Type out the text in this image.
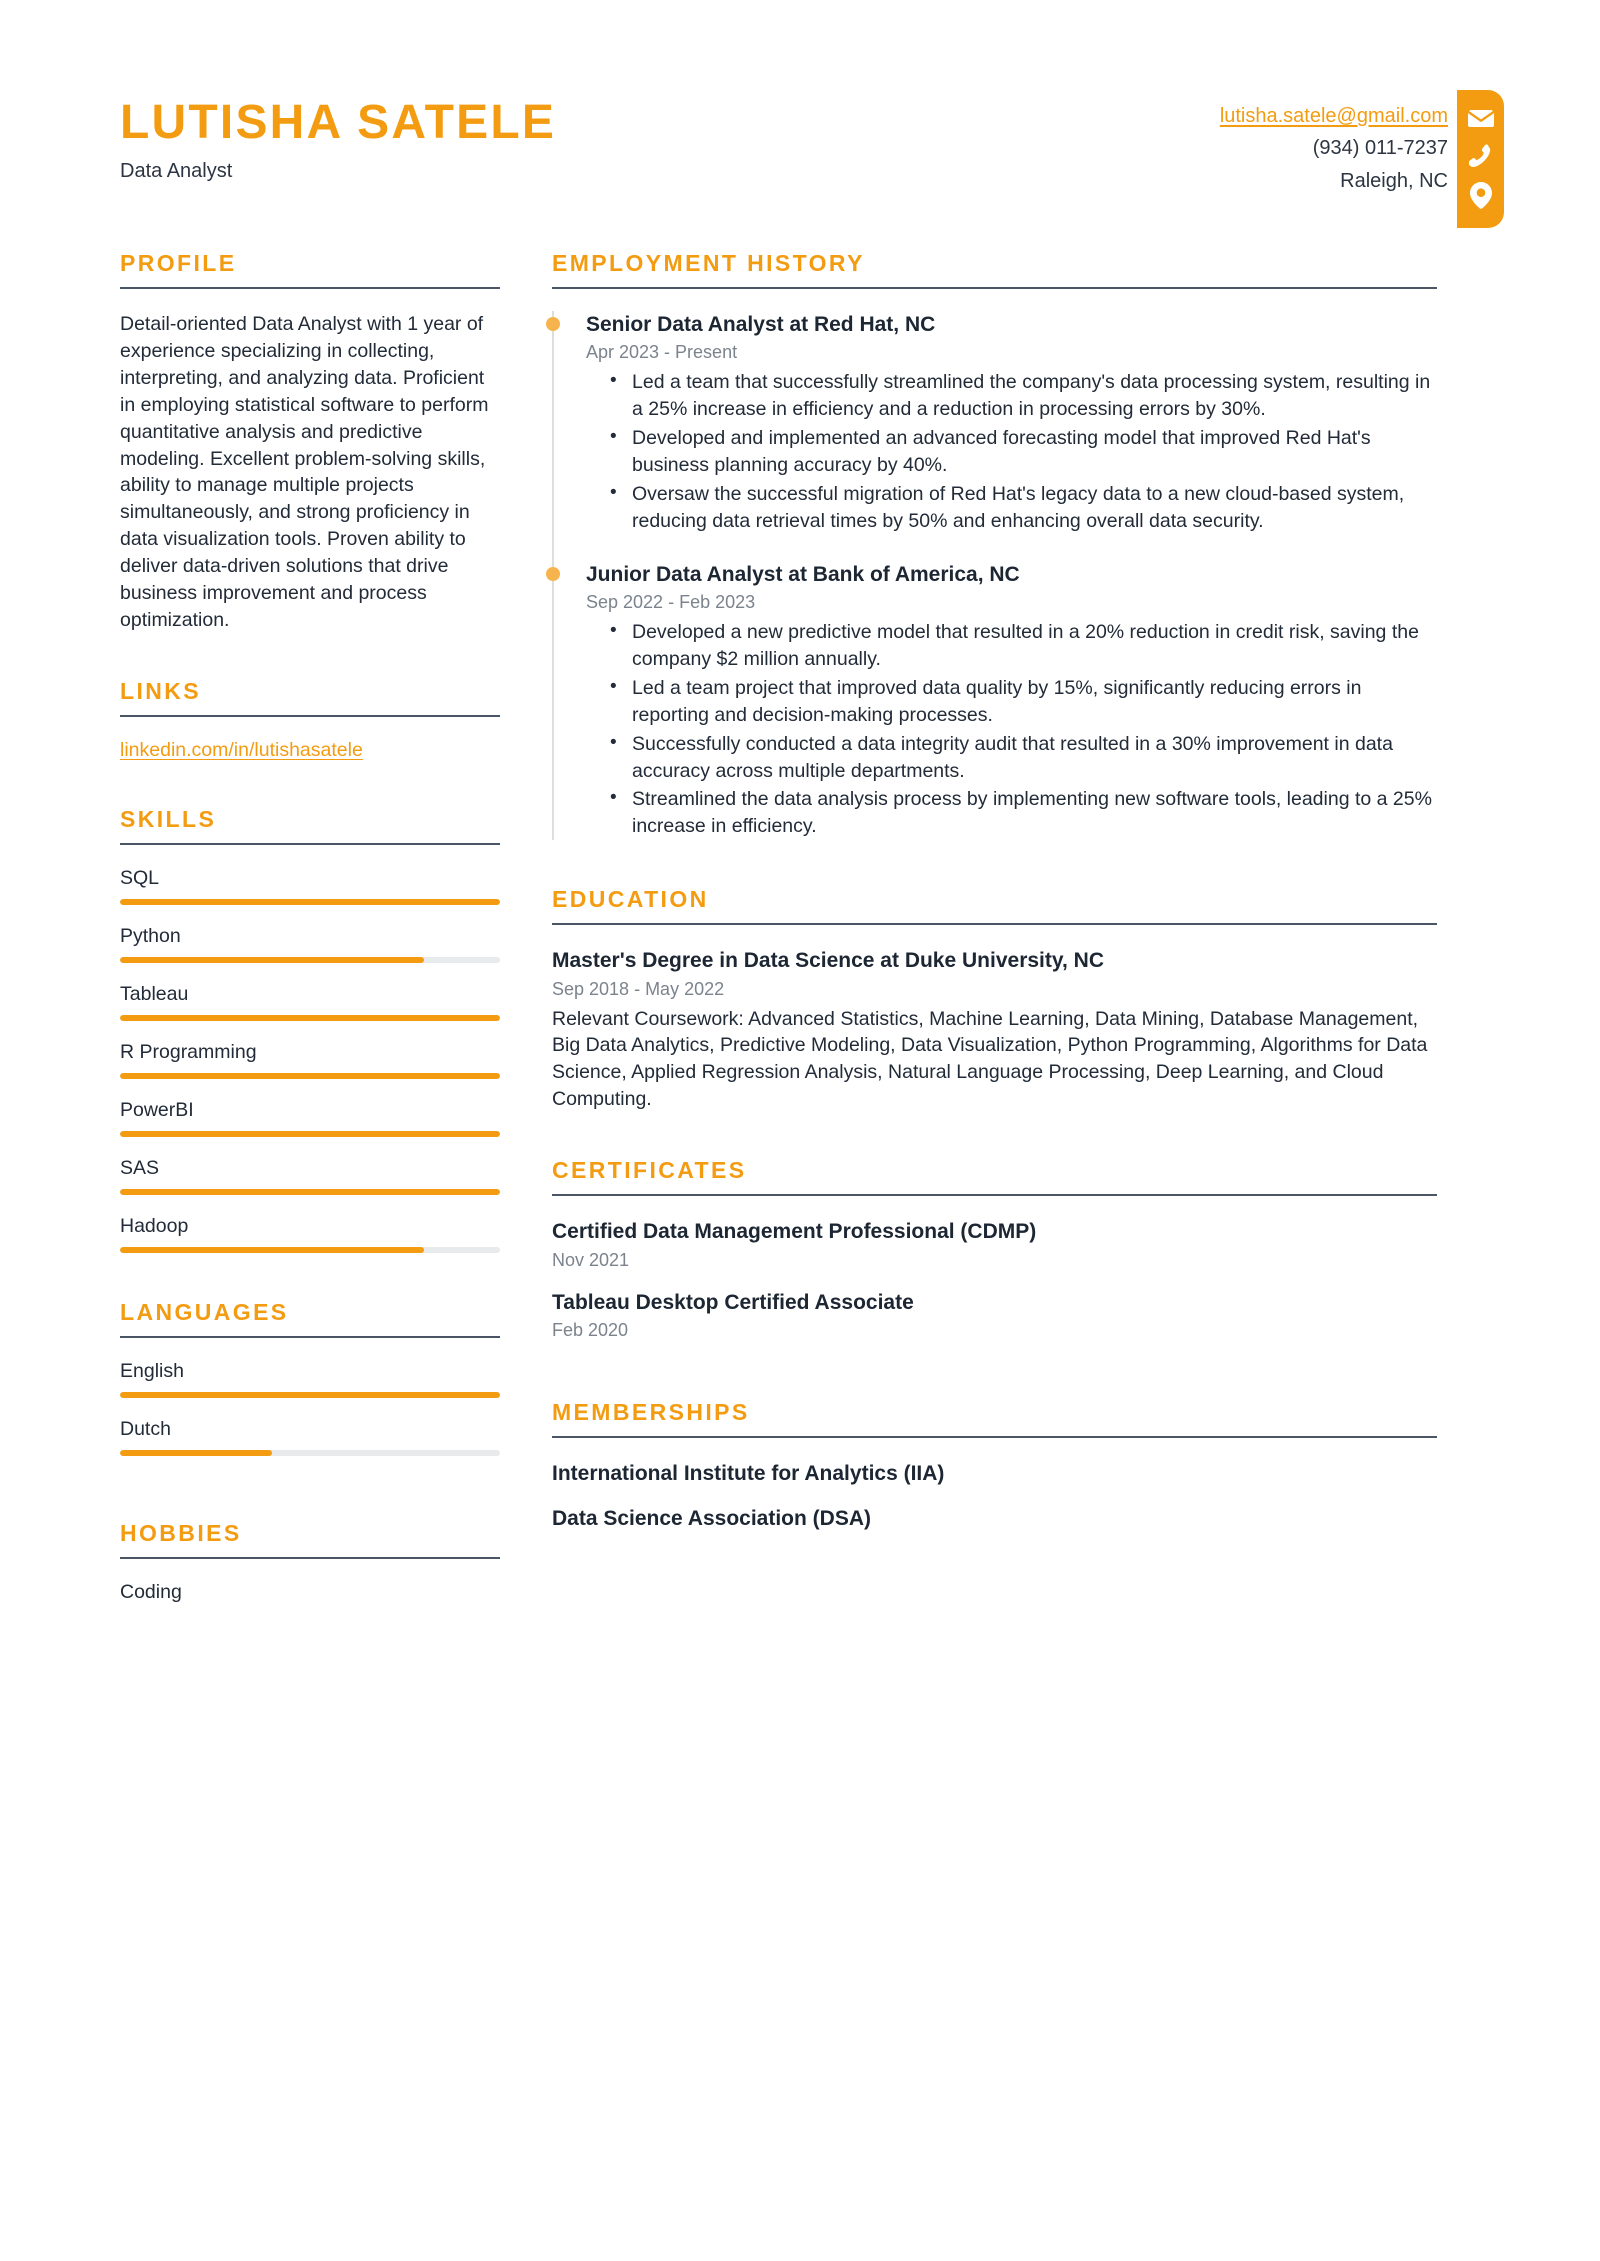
LUTISHA SATELE
Data Analyst
lutisha.satele@gmail.com
(934) 011-7237
Raleigh, NC
PROFILE

Detail-oriented Data Analyst with 1 year of experience specializing in collecting, interpreting, and analyzing data. Proficient in employing statistical software to perform quantitative analysis and predictive modeling. Excellent problem-solving skills, ability to manage multiple projects simultaneously, and strong proficiency in data visualization tools. Proven ability to deliver data-driven solutions that drive business improvement and process optimization.

LINKS
linkedin.com/in/lutishasatele
SKILLS
SQL
Python
Tableau
R Programming
PowerBI
SAS
Hadoop
LANGUAGES
English
Dutch
HOBBIES
Coding
EMPLOYMENT HISTORY
Senior Data Analyst at Red Hat, NC
Apr 2023 - Present
• Led a team that successfully streamlined the company's data processing system, resulting in a 25% increase in efficiency and a reduction in processing errors by 30%.
• Developed and implemented an advanced forecasting model that improved Red Hat's business planning accuracy by 40%.
• Oversaw the successful migration of Red Hat's legacy data to a new cloud-based system, reducing data retrieval times by 50% and enhancing overall data security.
Junior Data Analyst at Bank of America, NC
Sep 2022 - Feb 2023
• Developed a new predictive model that resulted in a 20% reduction in credit risk, saving the company $2 million annually.
• Led a team project that improved data quality by 15%, significantly reducing errors in reporting and decision-making processes.
• Successfully conducted a data integrity audit that resulted in a 30% improvement in data accuracy across multiple departments.
• Streamlined the data analysis process by implementing new software tools, leading to a 25% increase in efficiency.
EDUCATION
Master's Degree in Data Science at Duke University, NC
Sep 2018 - May 2022
Relevant Coursework: Advanced Statistics, Machine Learning, Data Mining, Database Management, Big Data Analytics, Predictive Modeling, Data Visualization, Python Programming, Algorithms for Data Science, Applied Regression Analysis, Natural Language Processing, Deep Learning, and Cloud Computing.
CERTIFICATES
Certified Data Management Professional (CDMP)
Nov 2021
Tableau Desktop Certified Associate
Feb 2020
MEMBERSHIPS
International Institute for Analytics (IIA)
Data Science Association (DSA)
